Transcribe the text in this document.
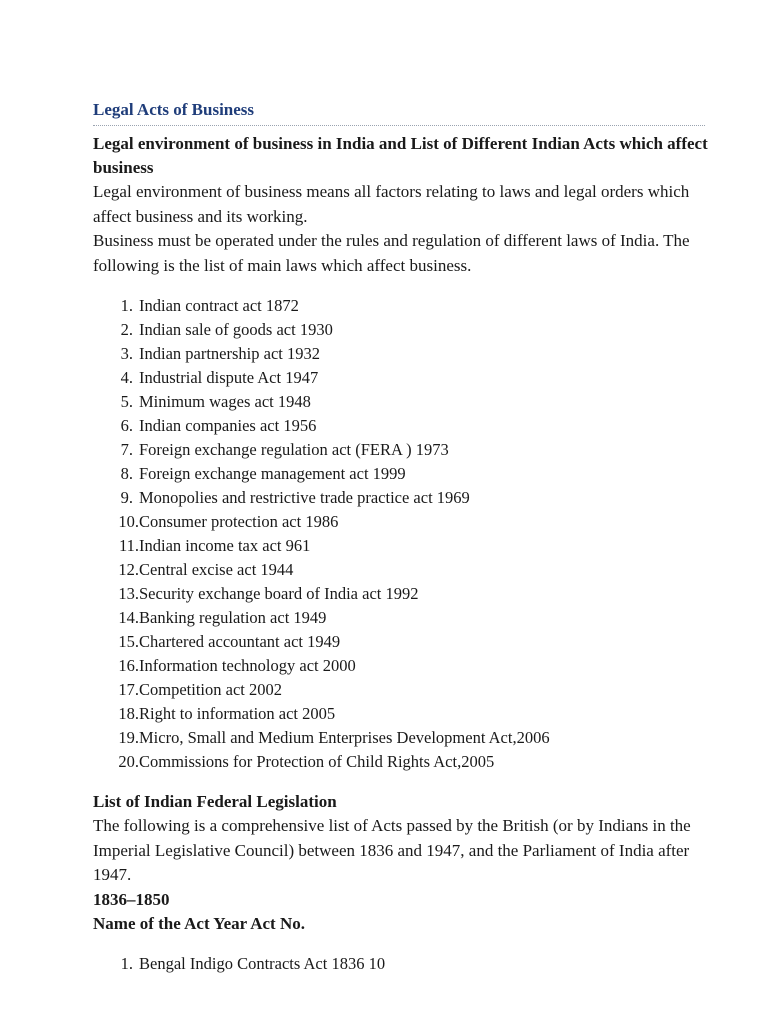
Legal Acts of Business
Legal environment of business in India and List of Different Indian Acts which affect business

Legal environment of business means all factors relating to laws and legal orders which affect business and its working.

Business must be operated under the rules and regulation of different laws of India. The following is the list of main laws which affect business.

1. Indian contract act 1872
2. Indian sale of goods act 1930
3. Indian partnership act 1932
4. Industrial dispute Act 1947
5. Minimum wages act 1948
6. Indian companies act 1956
7. Foreign exchange regulation act (FERA ) 1973
8. Foreign exchange management act 1999
9. Monopolies and restrictive trade practice act 1969
10. Consumer protection act 1986
11. Indian income tax act 961
12. Central excise act 1944
13. Security exchange board of India act 1992
14. Banking regulation act 1949
15. Chartered accountant act 1949
16. Information technology act 2000
17. Competition act 2002
18. Right to information act 2005
19. Micro, Small and Medium Enterprises Development Act,2006
20. Commissions for Protection of Child Rights Act,2005
List of Indian Federal Legislation

The following is a comprehensive list of Acts passed by the British (or by Indians in the Imperial Legislative Council) between 1836 and 1947, and the Parliament of India after 1947.

1836–1850
Name of the Act Year Act No.
1. Bengal Indigo Contracts Act 1836 10
